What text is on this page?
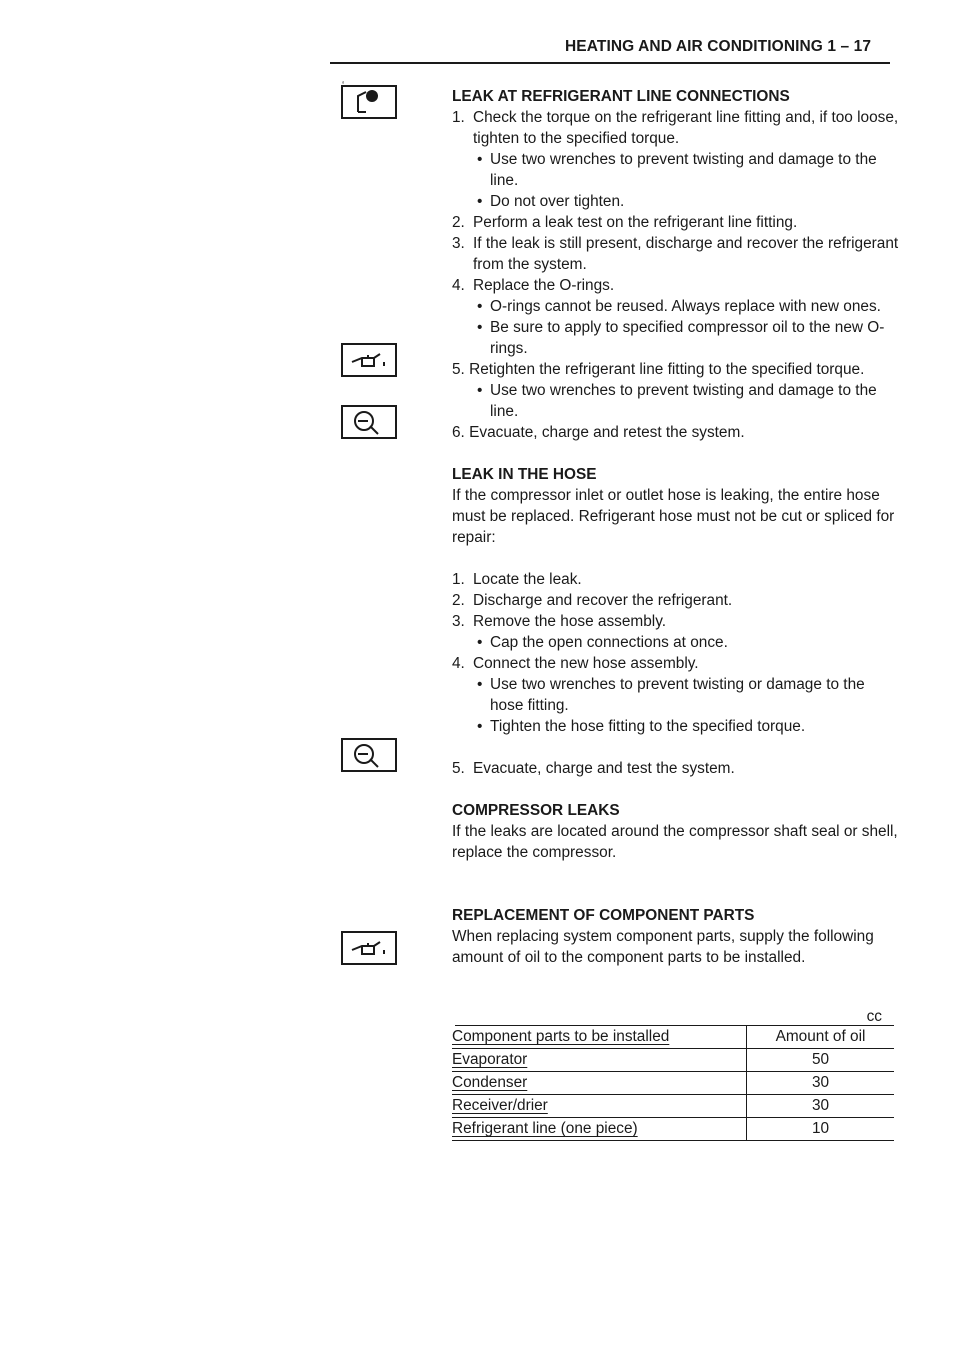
HEATING AND AIR CONDITIONING 1 – 17
‘
LEAK AT REFRIGERANT LINE CONNECTIONS
1. Check the torque on the refrigerant line fitting and, if too loose, tighten to the specified torque.
• Use two wrenches to prevent twisting and damage to the line.
• Do not over tighten.
2. Perform a leak test on the refrigerant line fitting.
3. If the leak is still present, discharge and recover the refrigerant from the system.
4. Replace the O-rings.
• O-rings cannot be reused. Always replace with new ones.
• Be sure to apply to specified compressor oil to the new O-rings.
5. Retighten the refrigerant line fitting to the specified torque.
• Use two wrenches to prevent twisting and damage to the line.
6. Evacuate, charge and retest the system.
LEAK IN THE HOSE

If the compressor inlet or outlet hose is leaking, the entire hose must be replaced. Refrigerant hose must not be cut or spliced for repair:

1. Locate the leak.
2. Discharge and recover the refrigerant.
3. Remove the hose assembly.
• Cap the open connections at once.
4. Connect the new hose assembly.
• Use two wrenches to prevent twisting or damage to the hose fitting.
• Tighten the hose fitting to the specified torque.
5. Evacuate, charge and test the system.
COMPRESSOR LEAKS

If the leaks are located around the compressor shaft seal or shell, replace the compressor.

REPLACEMENT OF COMPONENT PARTS

When replacing system component parts, supply the following amount of oil to the component parts to be installed.

cc
Component parts to be installed	Amount of oil
Evaporator	50
Condenser	30
Receiver/drier	30
Refrigerant line (one piece)	10
